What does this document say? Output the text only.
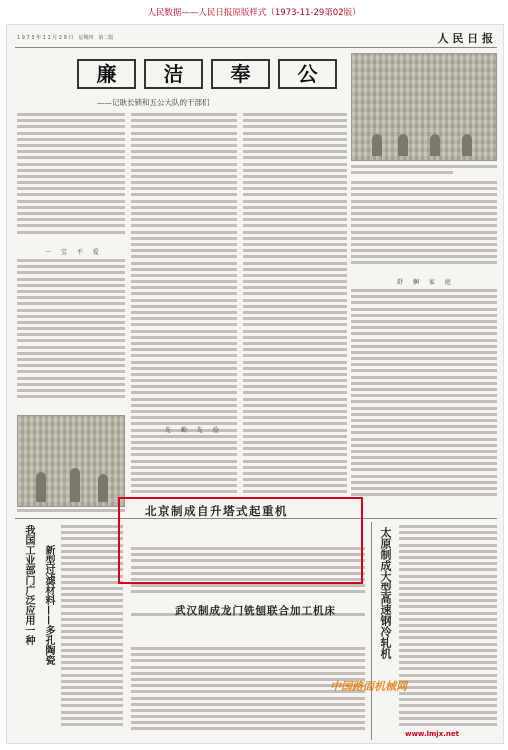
人民数据——人民日报原版样式（1973-11-29第02版）
1 9 7 3 年 1 1 月 2 9 日　星期四　第二版	人 民 日 报
廉	洁	奉	公
——记耿长锁和五公大队的干部们
一 宝 不 爱
舒 捆 家 庭
先 勤 先 俭
我国工业部门广泛应用一种 新型过滤材料——多孔陶瓷	太原制成大型高速钢冷轧机
北京制成自升塔式起重机
武汉制成龙门铣刨联合加工机床
中国路面机械网
www.lmjx.net
